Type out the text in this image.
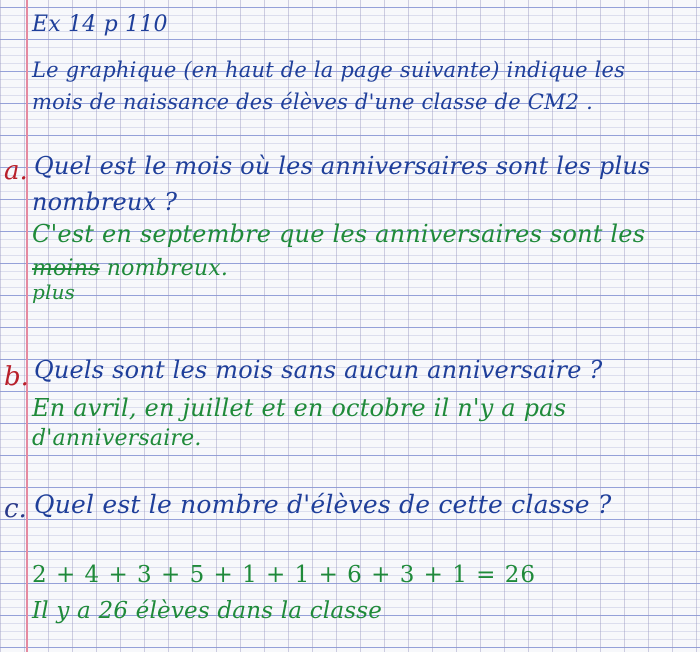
Ex 14 p 110
Le graphique (en haut de la page suivante) indique les
mois de naissance des élèves d'une classe de CM2 .
a. Quel est le mois où les anniversaires sont les plus
nombreux ?
C'est en septembre que les anniversaires sont les
moins nombreux.
plus
b. Quels sont les mois sans aucun anniversaire ?
En avril, en juillet et en octobre il n'y a pas
d'anniversaire.
c. Quel est le nombre d'élèves de cette classe ?
2 + 4 + 3 + 5 + 1 + 1 + 6 + 3 + 1 = 26
Il y a 26 élèves dans la classe
